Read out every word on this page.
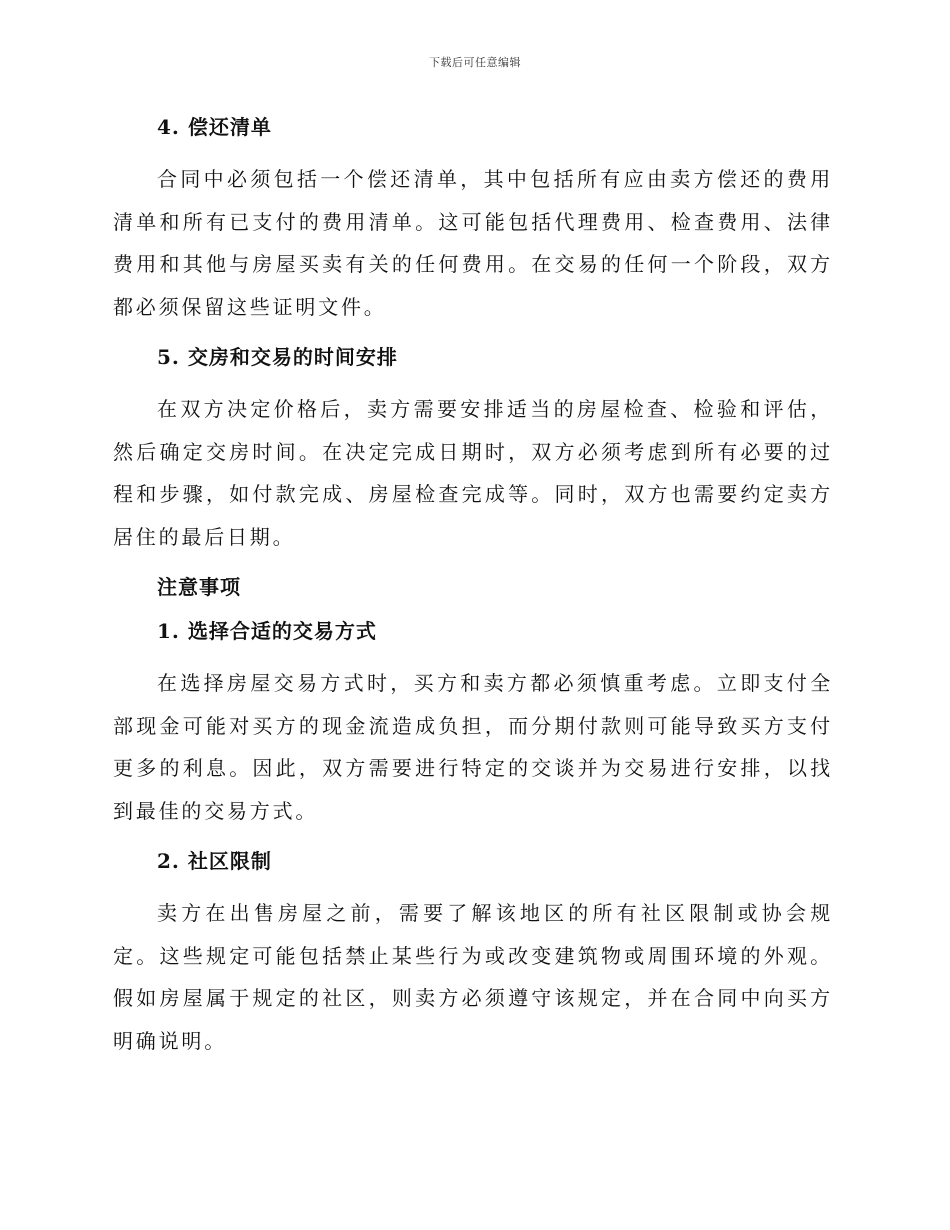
下载后可任意编辑
4. 偿还清单

合同中必须包括一个偿还清单，其中包括所有应由卖方偿还的费用清单和所有已支付的费用清单。这可能包括代理费用、检查费用、法律费用和其他与房屋买卖有关的任何费用。在交易的任何一个阶段，双方都必须保留这些证明文件。

5. 交房和交易的时间安排

在双方决定价格后，卖方需要安排适当的房屋检查、检验和评估，然后确定交房时间。在决定完成日期时，双方必须考虑到所有必要的过程和步骤，如付款完成、房屋检查完成等。同时，双方也需要约定卖方居住的最后日期。

注意事项
1. 选择合适的交易方式

在选择房屋交易方式时，买方和卖方都必须慎重考虑。立即支付全部现金可能对买方的现金流造成负担，而分期付款则可能导致买方支付更多的利息。因此，双方需要进行特定的交谈并为交易进行安排，以找到最佳的交易方式。

2. 社区限制

卖方在出售房屋之前，需要了解该地区的所有社区限制或协会规定。这些规定可能包括禁止某些行为或改变建筑物或周围环境的外观。假如房屋属于规定的社区，则卖方必须遵守该规定，并在合同中向买方明确说明。
